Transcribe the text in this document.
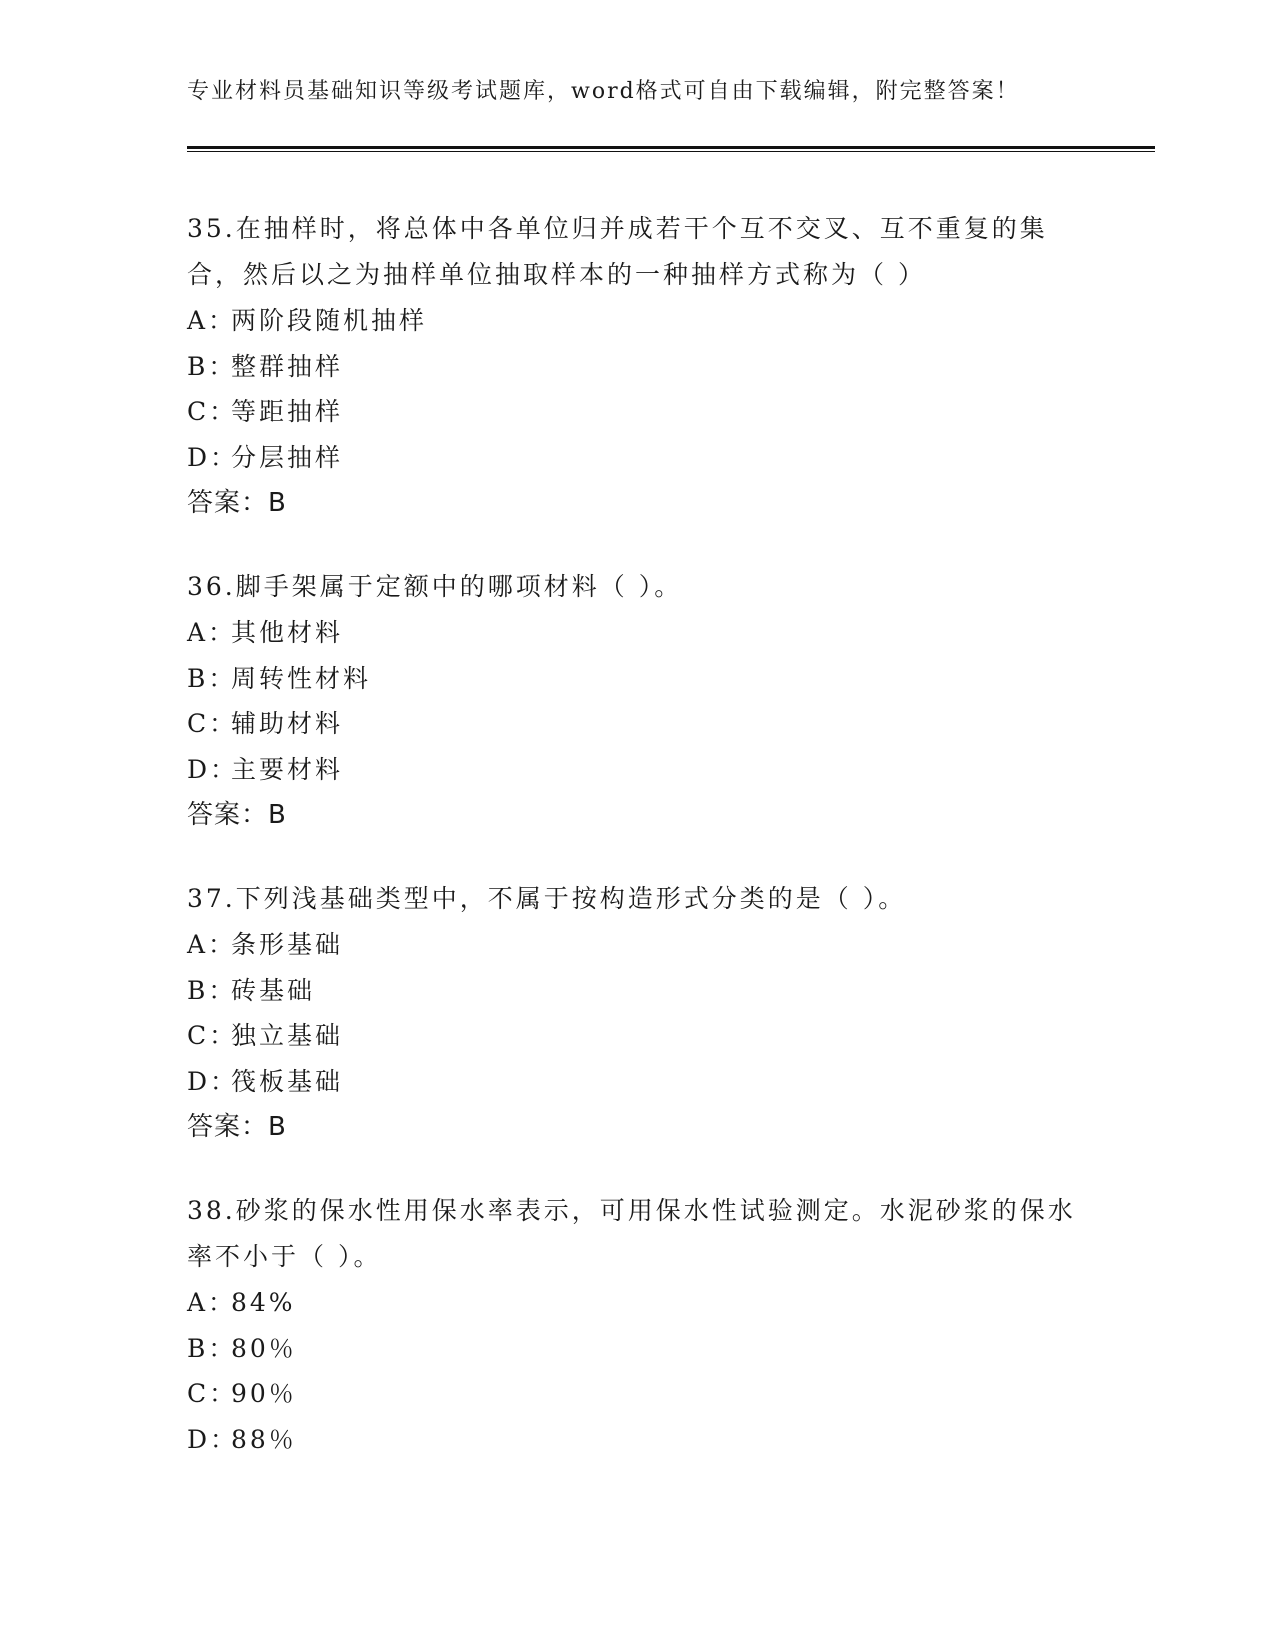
专业材料员基础知识等级考试题库，word格式可自由下载编辑，附完整答案！

35.在抽样时，将总体中各单位归并成若干个互不交叉、互不重复的集合，然后以之为抽样单位抽取样本的一种抽样方式称为（ ）

A：两阶段随机抽样
B：整群抽样
C：等距抽样
D：分层抽样
答案：B

36.脚手架属于定额中的哪项材料（ ）。

A：其他材料
B：周转性材料
C：辅助材料
D：主要材料
答案：B

37.下列浅基础类型中，不属于按构造形式分类的是（ ）。

A：条形基础
B：砖基础
C：独立基础
D：筏板基础
答案：B

38.砂浆的保水性用保水率表示，可用保水性试验测定。水泥砂浆的保水率不小于（ ）。

A：84%
B：80％
C：90％
D：88％
